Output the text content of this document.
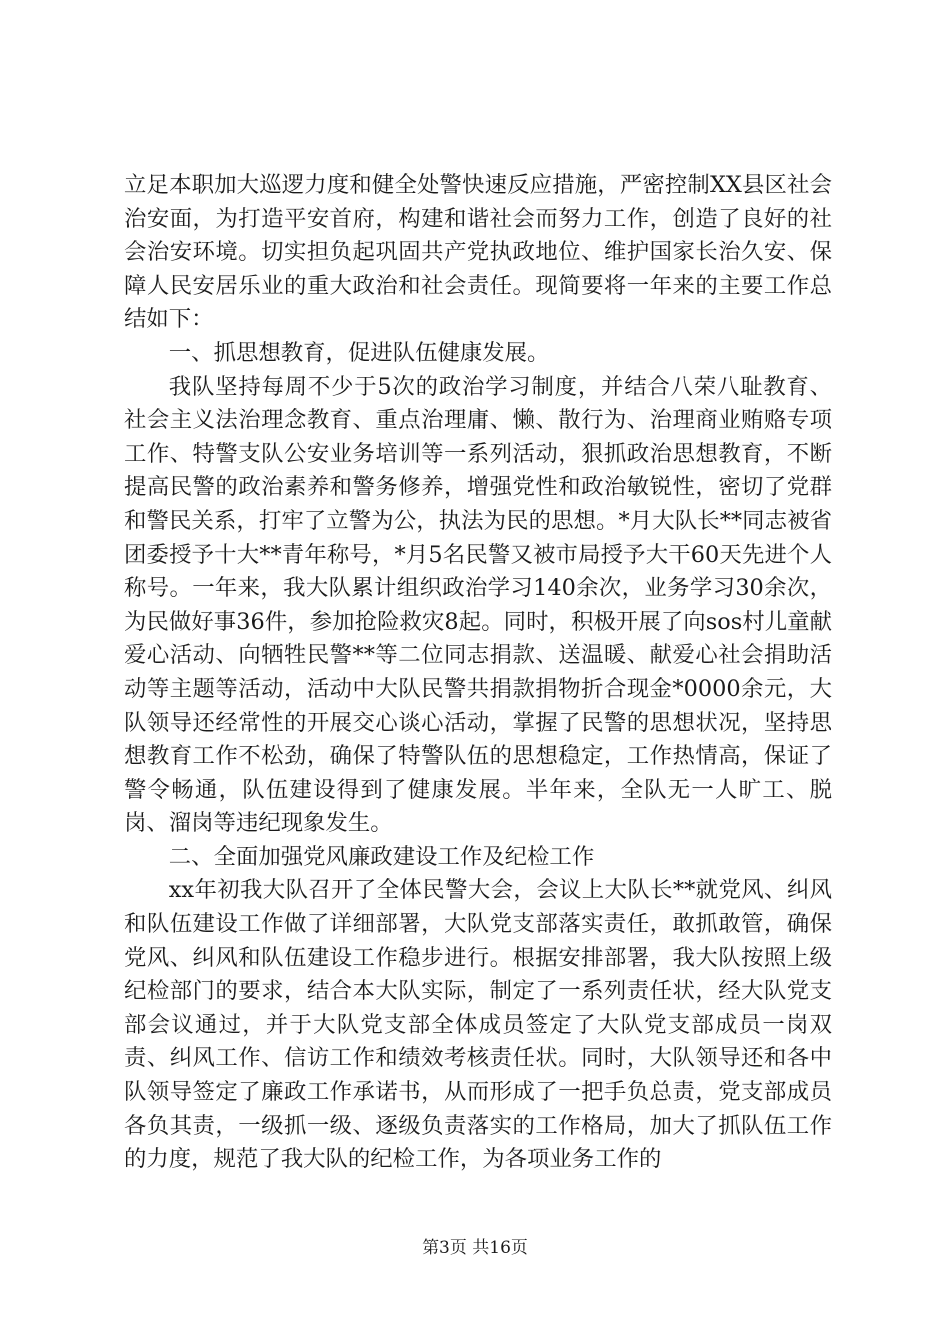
立足本职加大巡逻力度和健全处警快速反应措施，严密控制XX县区社会治安面，为打造平安首府，构建和谐社会而努力工作，创造了良好的社会治安环境。切实担负起巩固共产党执政地位、维护国家长治久安、保障人民安居乐业的重大政治和社会责任。现简要将一年来的主要工作总结如下：

一、抓思想教育，促进队伍健康发展。

我队坚持每周不少于5次的政治学习制度，并结合八荣八耻教育、社会主义法治理念教育、重点治理庸、懒、散行为、治理商业贿赂专项工作、特警支队公安业务培训等一系列活动，狠抓政治思想教育，不断提高民警的政治素养和警务修养，增强党性和政治敏锐性，密切了党群和警民关系，打牢了立警为公，执法为民的思想。*月大队长**同志被省团委授予十大**青年称号，*月5名民警又被市局授予大干60天先进个人称号。一年来，我大队累计组织政治学习140余次，业务学习30余次，为民做好事36件，参加抢险救灾8起。同时，积极开展了向sos村儿童献爱心活动、向牺牲民警**等二位同志捐款、送温暖、献爱心社会捐助活动等主题等活动，活动中大队民警共捐款捐物折合现金*0000余元，大队领导还经常性的开展交心谈心活动，掌握了民警的思想状况，坚持思想教育工作不松劲，确保了特警队伍的思想稳定，工作热情高，保证了警令畅通，队伍建设得到了健康发展。半年来，全队无一人旷工、脱岗、溜岗等违纪现象发生。

二、全面加强党风廉政建设工作及纪检工作

xx年初我大队召开了全体民警大会，会议上大队长**就党风、纠风和队伍建设工作做了详细部署，大队党支部落实责任，敢抓敢管，确保党风、纠风和队伍建设工作稳步进行。根据安排部署，我大队按照上级纪检部门的要求，结合本大队实际，制定了一系列责任状，经大队党支部会议通过，并于大队党支部全体成员签定了大队党支部成员一岗双责、纠风工作、信访工作和绩效考核责任状。同时，大队领导还和各中队领导签定了廉政工作承诺书，从而形成了一把手负总责，党支部成员各负其责，一级抓一级、逐级负责落实的工作格局，加大了抓队伍工作的力度，规范了我大队的纪检工作，为各项业务工作的

第3页 共16页
